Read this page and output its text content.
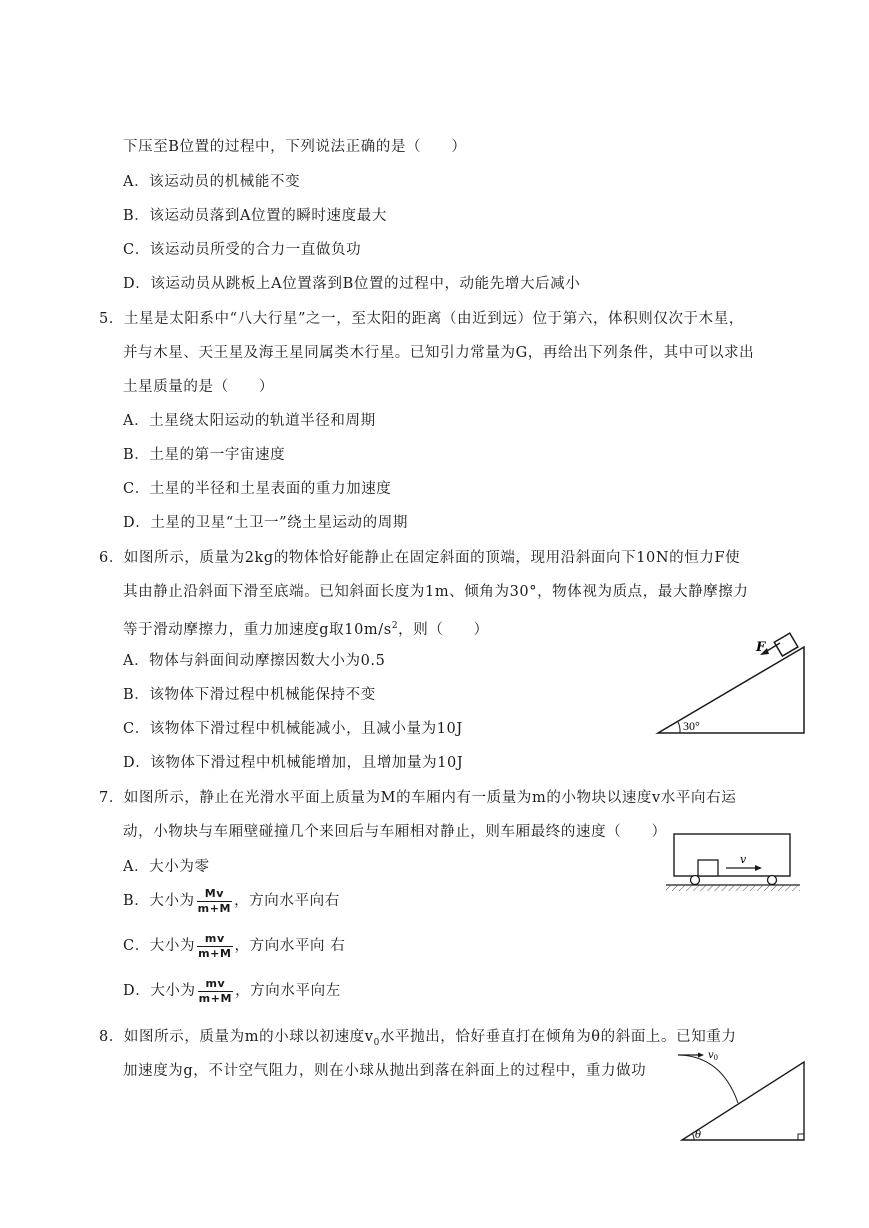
下压至B位置的过程中，下列说法正确的是（　　）
A．该运动员的机械能不变
B．该运动员落到A位置的瞬时速度最大
C．该运动员所受的合力一直做负功
D．该运动员从跳板上A位置落到B位置的过程中，动能先增大后减小
5．土星是太阳系中“八大行星”之一，至太阳的距离（由近到远）位于第六，体积则仅次于木星，
并与木星、天王星及海王星同属类木行星。已知引力常量为G，再给出下列条件，其中可以求出
土星质量的是（　　）
A．土星绕太阳运动的轨道半径和周期
B．土星的第一宇宙速度
C．土星的半径和土星表面的重力加速度
D．土星的卫星“土卫一”绕土星运动的周期
6．如图所示，质量为2kg的物体恰好能静止在固定斜面的顶端，现用沿斜面向下10N的恒力F使
其由静止沿斜面下滑至底端。已知斜面长度为1m、倾角为30°，物体视为质点，最大静摩擦力
等于滑动摩擦力，重力加速度g取$10m/s^2$，则（　　）
A．物体与斜面间动摩擦因数大小为0.5
B．该物体下滑过程中机械能保持不变
C．该物体下滑过程中机械能减小，且减小量为10J
D．该物体下滑过程中机械能增加，且增加量为10J
F
30°
7．如图所示，静止在光滑水平面上质量为M的车厢内有一质量为m的小物块以速度v水平向右运
动，小物块与车厢壁碰撞几个来回后与车厢相对静止，则车厢最终的速度（　　）
A．大小为零
B．大小为 $\frac{Mv}{m+M}$ ，方向水平向右
C．大小为 $\frac{mv}{m+M}$ ，方向水平向 右
D．大小为 $\frac{mv}{m+M}$ ，方向水平向左
v
8．如图所示，质量为m的小球以初速度$v_0$水平抛出，恰好垂直打在倾角为θ的斜面上。已知重力
加速度为g，不计空气阻力，则在小球从抛出到落在斜面上的过程中，重力做功
$v_0$
θ
